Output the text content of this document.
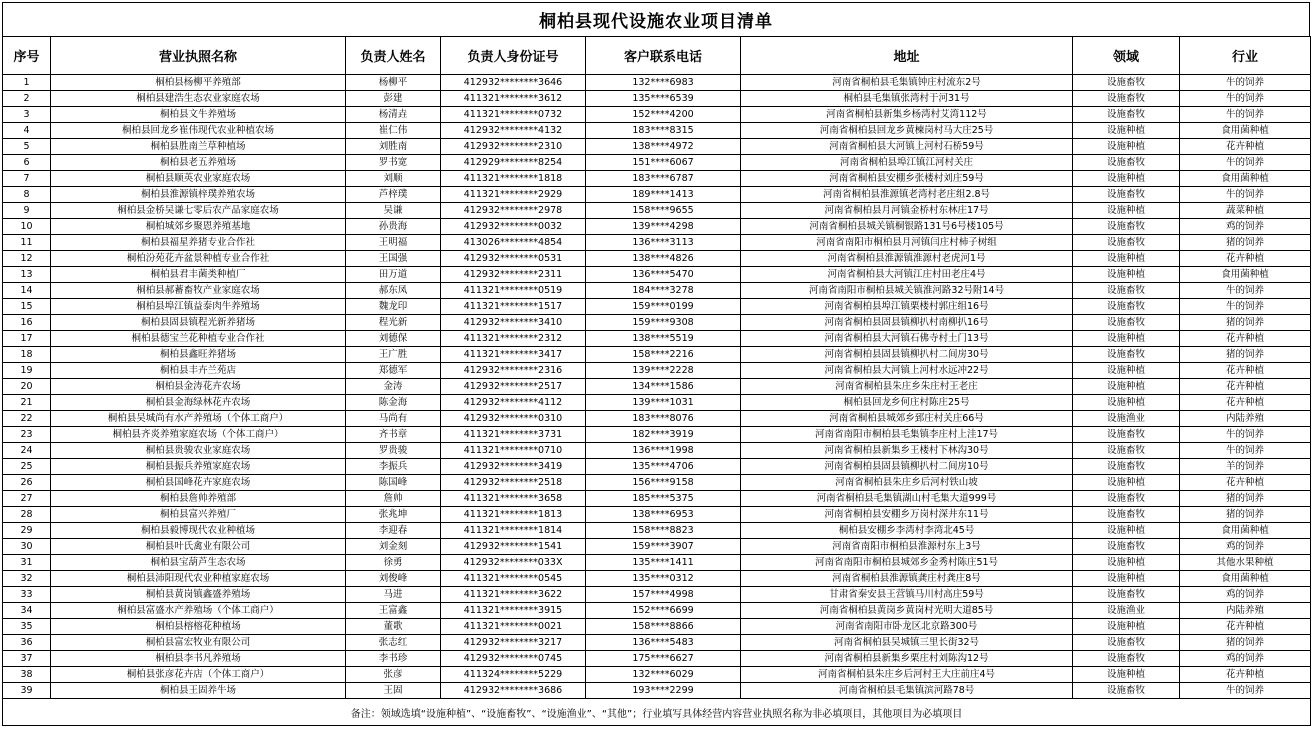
桐柏县现代设施农业项目清单
序号	营业执照名称	负责人姓名	负责人身份证号	客户联系电话	地址	领域	行业
1	桐柏县杨柳平养殖部	杨柳平	412932********3646	132****6983	河南省桐柏县毛集镇钟庄村流东2号	设施畜牧	牛的饲养
2	桐柏县建浩生态农业家庭农场	彭建	411321********3612	135****6539	桐柏县毛集镇张湾村于河31号	设施畜牧	牛的饲养
3	桐柏县文牛养殖场	杨清垚	411321********0732	152****4200	河南省桐柏县新集乡杨湾村艾湾112号	设施畜牧	牛的饲养
4	桐柏县回龙乡崔伟现代农业种植农场	崔仁伟	412932********4132	183****8315	河南省桐柏县回龙乡黄楝岗村马大庄25号	设施种植	食用菌种植
5	桐柏县胜南兰草种植场	刘胜南	412932********2310	138****4972	河南省桐柏县大河镇上河村石桥59号	设施种植	花卉种植
6	桐柏县老五养殖场	罗书宽	412929********8254	151****6067	河南省桐柏县埠江镇江河村关庄	设施畜牧	牛的饲养
7	桐柏县顺英农业家庭农场	刘顺	411321********1818	183****6787	河南省桐柏县安棚乡张楼村刘庄59号	设施种植	食用菌种植
8	桐柏县淮源镇梓璞养殖农场	芦梓璞	411321********2929	189****1413	河南省桐柏县淮源镇老湾村老庄组2.8号	设施畜牧	牛的饲养
9	桐柏县金桥吴谦七零后农产品家庭农场	吴谦	412932********2978	158****9655	河南省桐柏县月河镇金桥村东林庄17号	设施种植	蔬菜种植
10	桐柏城郊乡聚恩养殖基地	孙贵海	412932********0032	139****4298	河南省桐柏县城关镇桐银路131号6号楼105号	设施畜牧	鸡的饲养
11	桐柏县福星养猪专业合作社	王明福	413026********4854	136****3113	河南省南阳市桐柏县月河镇闫庄村柿子树组	设施畜牧	猪的饲养
12	桐柏汾苑花卉盆景种植专业合作社	王国强	412932********0531	138****4826	河南省桐柏县淮源镇淮源村老虎河1号	设施种植	花卉种植
13	桐柏县君丰菌类种植厂	田万道	412932********2311	136****5470	河南省桐柏县大河镇江庄村田老庄4号	设施种植	食用菌种植
14	桐柏县郝蓄畜牧产业家庭农场	郝东凤	411321********0519	184****3278	河南省南阳市桐柏县城关镇淮河路32号附14号	设施畜牧	牛的饲养
15	桐柏县埠江镇益泰肉牛养殖场	魏龙印	411321********1517	159****0199	河南省桐柏县埠江镇栗楼村郭庄组16号	设施畜牧	牛的饲养
16	桐柏县固县镇程光新养猪场	程光新	412932********3410	159****9308	河南省桐柏县固县镇柳扒村南柳扒16号	设施畜牧	猪的饲养
17	桐柏县德宝兰花种植专业合作社	刘德保	411321********2312	138****5519	河南省桐柏县大河镇石佛寺村土门13号	设施种植	花卉种植
18	桐柏县鑫旺养猪场	王广胜	411321********3417	158****2216	河南省桐柏县固县镇柳扒村二间房30号	设施畜牧	猪的饲养
19	桐柏县丰卉兰苑店	郑德军	412932********2316	139****2228	河南省桐柏县大河镇上河村水远冲22号	设施种植	花卉种植
20	桐柏县金涛花卉农场	金涛	412932********2517	134****1586	河南省桐柏县朱庄乡朱庄村王老庄	设施种植	花卉种植
21	桐柏县金海绿林花卉农场	陈金海	412932********4112	139****1031	桐柏县回龙乡何庄村陈庄25号	设施种植	花卉种植
22	桐柏县吴城尚有水产养殖场（个体工商户）	马尚有	412932********0310	183****8076	河南省桐柏县城郊乡郅庄村关庄66号	设施渔业	内陆养殖
23	桐柏县齐炎养殖家庭农场（个体工商户）	齐书章	411321********3731	182****3919	河南省南阳市桐柏县毛集镇李庄村上洼17号	设施畜牧	牛的饲养
24	桐柏县贵骏农业家庭农场	罗贵骏	411321********0710	136****1998	河南省桐柏县新集乡王楼村下林沟30号	设施畜牧	牛的饲养
25	桐柏县振兵养殖家庭农场	李振兵	412932********3419	135****4706	河南省桐柏县固县镇柳扒村二间房10号	设施畜牧	羊的饲养
26	桐柏县国峰花卉家庭农场	陈国峰	412932********2518	156****9158	河南省桐柏县朱庄乡后河村铁山坡	设施种植	花卉种植
27	桐柏县詹帅养殖部	詹帅	411321********3658	185****5375	河南省桐柏县毛集镇湖山村毛集大道999号	设施畜牧	猪的饲养
28	桐柏县富兴养殖厂	张兆坤	411321********1813	138****6953	河南省桐柏县安棚乡万岗村深井东11号	设施畜牧	猪的饲养
29	桐柏县毅博现代农业种植场	李迎春	411321********1814	158****8823	桐柏县安棚乡李湾村李湾北45号	设施种植	食用菌种植
30	桐柏县叶氏禽业有限公司	刘金刻	412932********1541	159****3907	河南省南阳市桐柏县淮源村东上3号	设施畜牧	鸡的饲养
31	桐柏县宝葫芦生态农场	徐勇	412932********033X	135****1411	河南省南阳市桐柏县城郊乡金秀村陈庄51号	设施种植	其他水果种植
32	桐柏县沛阳现代农业种植家庭农场	刘俊峰	411321********0545	135****0312	河南省桐柏县淮源镇龚庄村龚庄8号	设施种植	食用菌种植
33	桐柏县黄岗镇鑫盛养殖场	马进	411321********3622	157****4998	甘肃省秦安县王营镇马川村高庄59号	设施畜牧	鸡的饲养
34	桐柏县富盛水产养殖场（个体工商户）	王富鑫	411321********3915	152****6699	河南省桐柏县黄岗乡黄岗村光明大道85号	设施渔业	内陆养殖
35	桐柏县榕榕花种植场	董歌	411321********0021	158****8866	河南省南阳市卧龙区北京路300号	设施种植	花卉种植
36	桐柏县富宏牧业有限公司	张志红	412932********3217	136****5483	河南省桐柏县吴城镇三里长街32号	设施畜牧	猪的饲养
37	桐柏县李书凡养殖场	李书珍	412932********0745	175****6627	河南省桐柏县新集乡栗庄村刘陈沟12号	设施畜牧	鸡的饲养
38	桐柏县张彦花卉店（个体工商户）	张彦	411324********5229	132****6029	河南省桐柏县朱庄乡后河村王大庄前庄4号	设施种植	花卉种植
39	桐柏县王固养牛场	王固	412932********3686	193****2299	河南省桐柏县毛集镇滨河路78号	设施畜牧	牛的饲养
备注：领域选填“设施种植”、“设施畜牧”、“设施渔业”、“其他”；行业填写具体经营内容营业执照名称为非必填项目，其他项目为必填项目							
